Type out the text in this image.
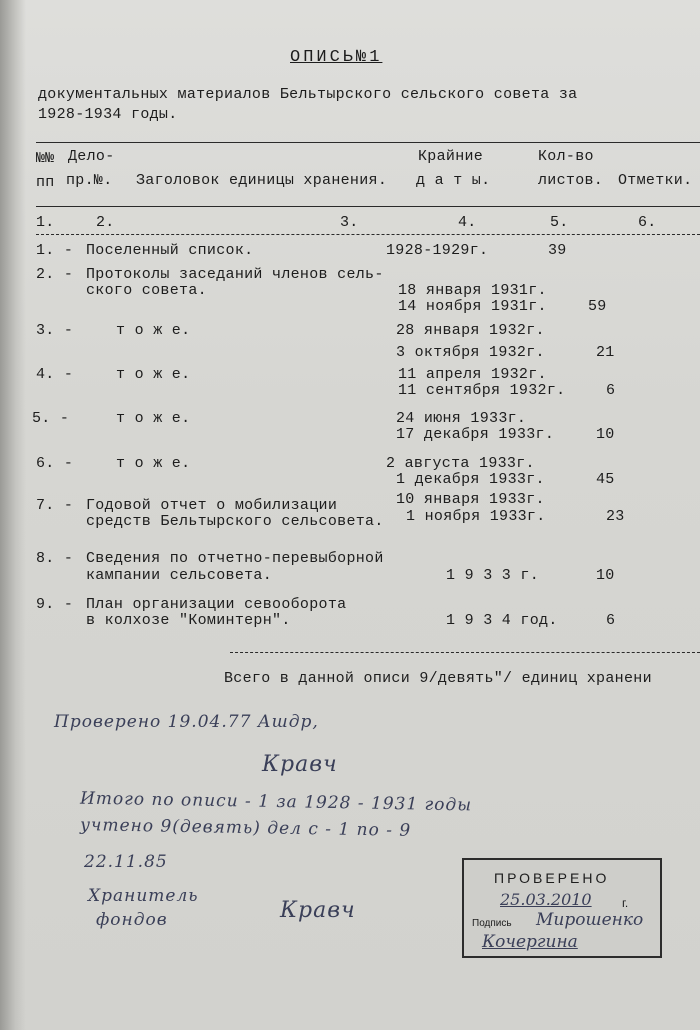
ОПИСЬ№1
документальных материалов Бельтырского сельского совета за
1928-1934 годы.
№№ Дело-	Крайние	Кол-во
пп пр.№. Заголовок единицы хранения. д а т ы.	листов. Отметки.
1.	2.	3.	4.	5.	6.
1. - Поселенный список.	1928-1929г.	39
2. - Протоколы заседаний членов сель-
ского совета.	18 января 1931г.
14 ноября 1931г.	59
3. -	т о ж е.	28 января 1932г.
3 октября 1932г.	21
4. -	т о ж е.	11 апреля 1932г.
11 сентября 1932г.	6
5. -	т о ж е.	24 июня 1933г.
17 декабря 1933г.	10
6. -	т о ж е.	2 августа 1933г.
1 декабря 1933г.	45
7. - Годовой отчет о мобилизации
средств Бельтырского сельсовета.
10 января 1933г.
1 ноября 1933г.	23
8. - Сведения по отчетно-перевыборной
кампании сельсовета.	1 9 3 3 г.	10
9. - План организации севооборота
в колхозе "Коминтерн".	1 9 3 4 год.	6
Всего в данной описи 9/девять"/ единиц хранени
Проверено 19.04.77 Ашдр,
Кравч
Итого по описи - 1 за 1928 - 1931 годы
учтено 9(девять) дел с - 1 по - 9
22.11.85
Хранитель
фондов	Кравч
ПРОВЕРЕНО
25.03.2010	г.
Подпись Мирошенко
Кочергина
